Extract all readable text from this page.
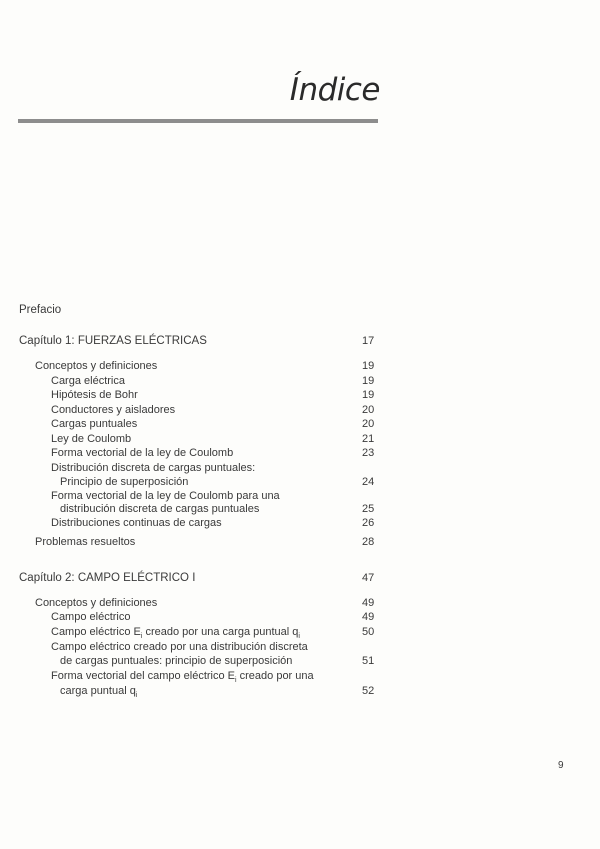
Índice
Prefacio
Capítulo 1: FUERZAS ELÉCTRICAS	17
Conceptos y definiciones	19
Carga eléctrica	19
Hipótesis de Bohr	19
Conductores y aisladores	20
Cargas puntuales	20
Ley de Coulomb	21
Forma vectorial de la ley de Coulomb	23
Distribución discreta de cargas puntuales:
Principio de superposición	24
Forma vectorial de la ley de Coulomb para una
distribución discreta de cargas puntuales	25
Distribuciones continuas de cargas	26
Problemas resueltos	28
Capítulo 2: CAMPO ELÉCTRICO I	47
Conceptos y definiciones	49
Campo eléctrico	49
Campo eléctrico $E_i$ creado por una carga puntual $q_i$	50
Campo eléctrico creado por una distribución discreta
de cargas puntuales: principio de superposición	51
Forma vectorial del campo eléctrico $E_i$ creado por una
carga puntual $q_i$	52
9
